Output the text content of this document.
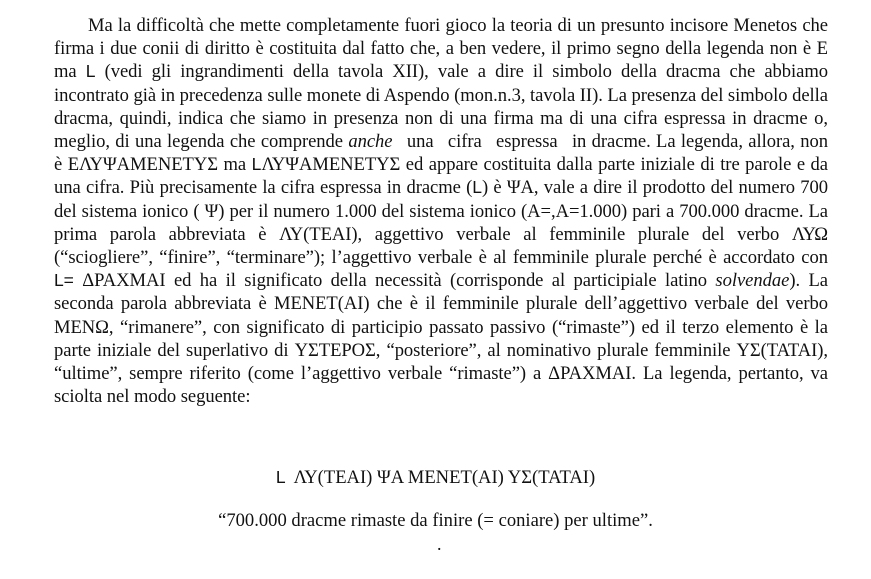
Ma la difficoltà che mette completamente fuori gioco la teoria di un presunto incisore Menetos che firma i due conii di diritto è costituita dal fatto che, a ben vedere, il primo segno della legenda non è E ma L (vedi gli ingrandimenti della tavola XII), vale a dire il simbolo della dracma che abbiamo incontrato già in precedenza sulle monete di Aspendo (mon.n.3, tavola II). La presenza del simbolo della dracma, quindi, indica che siamo in presenza non di una firma ma di una cifra espressa in dracme o, meglio, di una legenda che comprende anche una cifra espressa in dracme. La legenda, allora, non è ΕΛΥΨΑΜΕΝΕΤΥΣ ma LΛΥΨΑΜΕΝΕΤΥΣ ed appare costituita dalla parte iniziale di tre parole e da una cifra. Più precisamente la cifra espressa in dracme (L) è ΨΑ, vale a dire il prodotto del numero 700 del sistema ionico ( Ψ) per il numero 1.000 del sistema ionico (Α=,Α=1.000) pari a 700.000 dracme. La prima parola abbreviata è ΛΥ(ΤΕΑΙ), aggettivo verbale al femminile plurale del verbo ΛΥΩ (“sciogliere”, “finire”, “terminare”); l’aggettivo verbale è al femminile plurale perché è accordato con L= ΔΡΑΧΜΑΙ ed ha il significato della necessità (corrisponde al participiale latino solvendae). La seconda parola abbreviata è ΜΕΝΕΤ(ΑΙ) che è il femminile plurale dell’aggettivo verbale del verbo ΜΕΝΩ, “rimanere”, con significato di participio passato passivo (“rimaste”) ed il terzo elemento è la parte iniziale del superlativo di ΥΣΤΕΡΟΣ, “posteriore”, al nominativo plurale femminile ΥΣ(ΤΑΤΑΙ), “ultime”, sempre riferito (come l’aggettivo verbale “rimaste”) a ΔΡΑΧΜΑΙ. La legenda, pertanto, va sciolta nel modo seguente:

L ΛΥ(ΤΕΑΙ) ΨΑ ΜΕΝΕΤ(ΑΙ) ΥΣ(ΤΑΤΑΙ)

“700.000 dracme rimaste da finire (= coniare) per ultime”.

.
